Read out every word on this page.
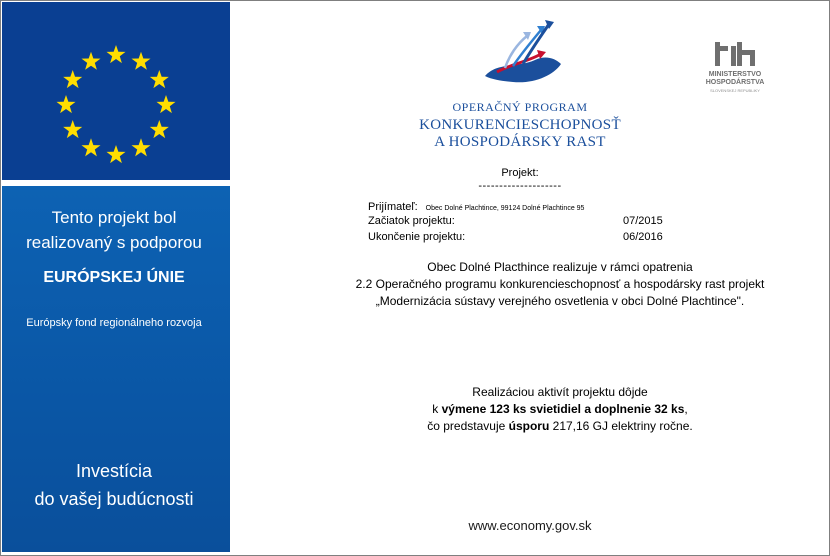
Tento projekt bol
realizovaný s podporou
EURÓPSKEJ ÚNIE
Európsky fond regionálneho rozvoja
Investícia
do vašej budúcnosti
OPERAČNÝ PROGRAM
KONKURENCIESCHOPNOSŤ
A HOSPODÁRSKY RAST
MINISTERSTVO
HOSPODÁRSTVA
SLOVENSKEJ REPUBLIKY
Projekt:
--------------------
Prijímateľ: Obec Dolné Plachtince, 99124 Dolné Plachtince 95
Začiatok projektu:	07/2015
Ukončenie projektu:	06/2016
Obec Dolné Placthince realizuje v rámci opatrenia
2.2 Operačného programu konkurencieschopnosť a hospodársky rast projekt
„Modernizácia sústavy verejného osvetlenia v obci Dolné Plachtince".
Realizáciou aktivít projektu dôjde
k výmene 123 ks svietidiel a doplnenie 32 ks,
čo predstavuje úsporu 217,16 GJ elektriny ročne.
www.economy.gov.sk
